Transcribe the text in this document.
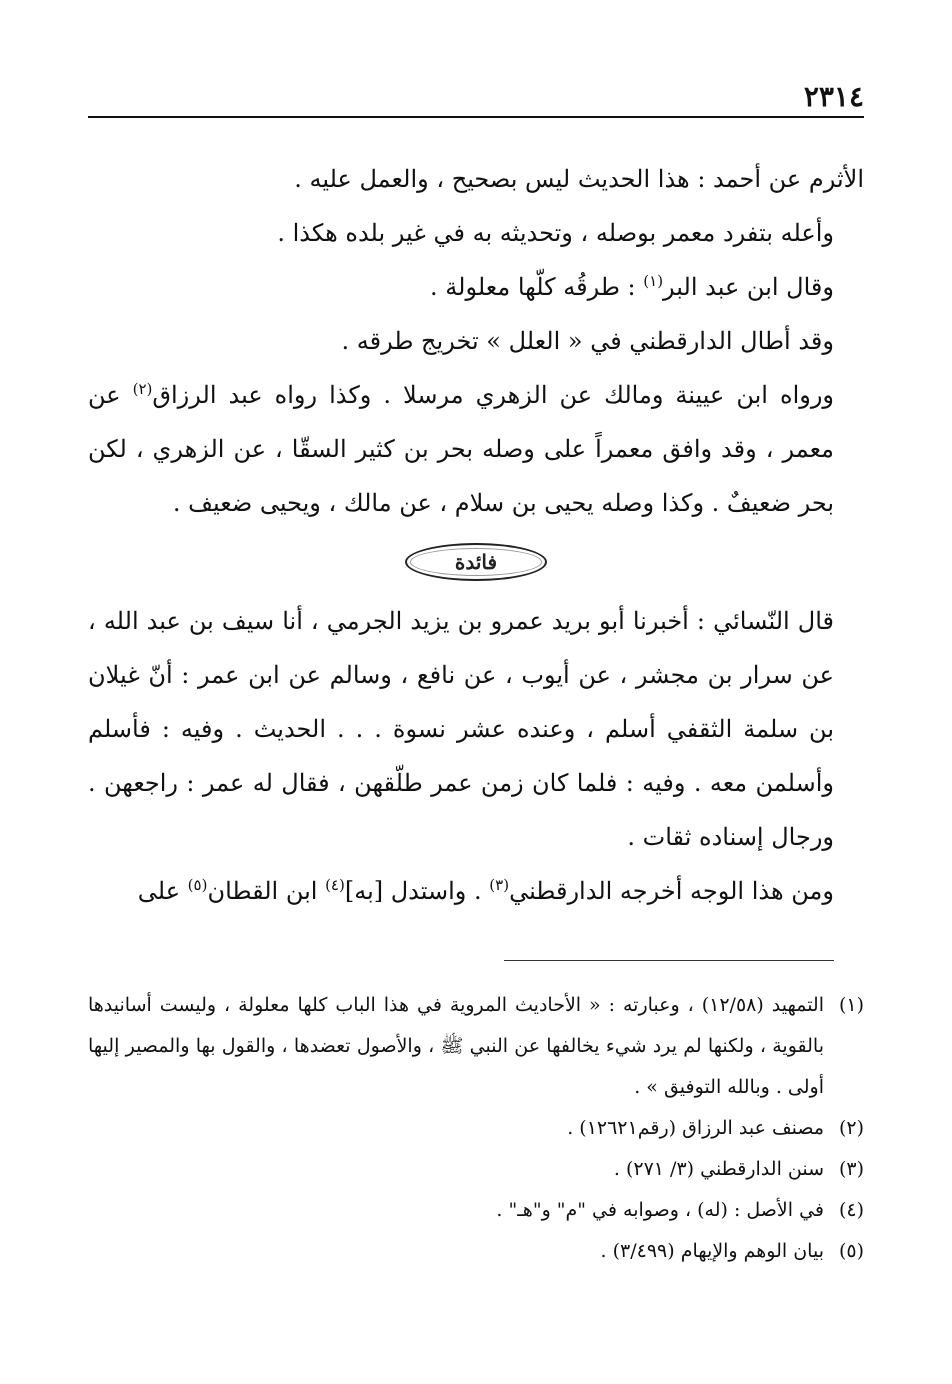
٢٣١٤

الأثرم عن أحمد : هذا الحديث ليس بصحيح ، والعمل عليه .

وأعله بتفرد معمر بوصله ، وتحديثه به في غير بلده هكذا .

وقال ابن عبد البر$^{(١)}$ : طرقُه كلّها معلولة .

وقد أطال الدارقطني في « العلل » تخريج طرقه .

ورواه ابن عيينة ومالك عن الزهري مرسلا . وكذا رواه عبد الرزاق$^{(٢)}$ عن معمر ، وقد وافق معمراً على وصله بحر بن كثير السقّا ، عن الزهري ، لكن بحر ضعيفٌ . وكذا وصله يحيى بن سلام ، عن مالك ، ويحيى ضعيف .

فائدة

قال النّسائي : أخبرنا أبو بريد عمرو بن يزيد الجرمي ، أنا سيف بن عبد الله ، عن سرار بن مجشر ، عن أيوب ، عن نافع ، وسالم عن ابن عمر : أنّ غيلان بن سلمة الثقفي أسلم ، وعنده عشر نسوة . . . الحديث . وفيه : فأسلم وأسلمن معه . وفيه : فلما كان زمن عمر طلّقهن ، فقال له عمر : راجعهن . ورجال إسناده ثقات .

ومن هذا الوجه أخرجه الدارقطني$^{(٣)}$ . واستدل [به]$^{(٤)}$ ابن القطان$^{(٥)}$ على

(١)
التمهيد (١٢/٥٨) ، وعبارته : « الأحاديث المروية في هذا الباب كلها معلولة ، وليست أسانيدها بالقوية ، ولكنها لم يرد شيء يخالفها عن النبي ﷺ ، والأصول تعضدها ، والقول بها والمصير إليها أولى . وبالله التوفيق » .
(٢)
مصنف عبد الرزاق (رقم١٢٦٢١) .
(٣)
سنن الدارقطني (٣/ ٢٧١) .
(٤)
في الأصل : (له) ، وصوابه في "م" و"هـ" .
(٥)
بيان الوهم والإيهام (٣/٤٩٩) .
